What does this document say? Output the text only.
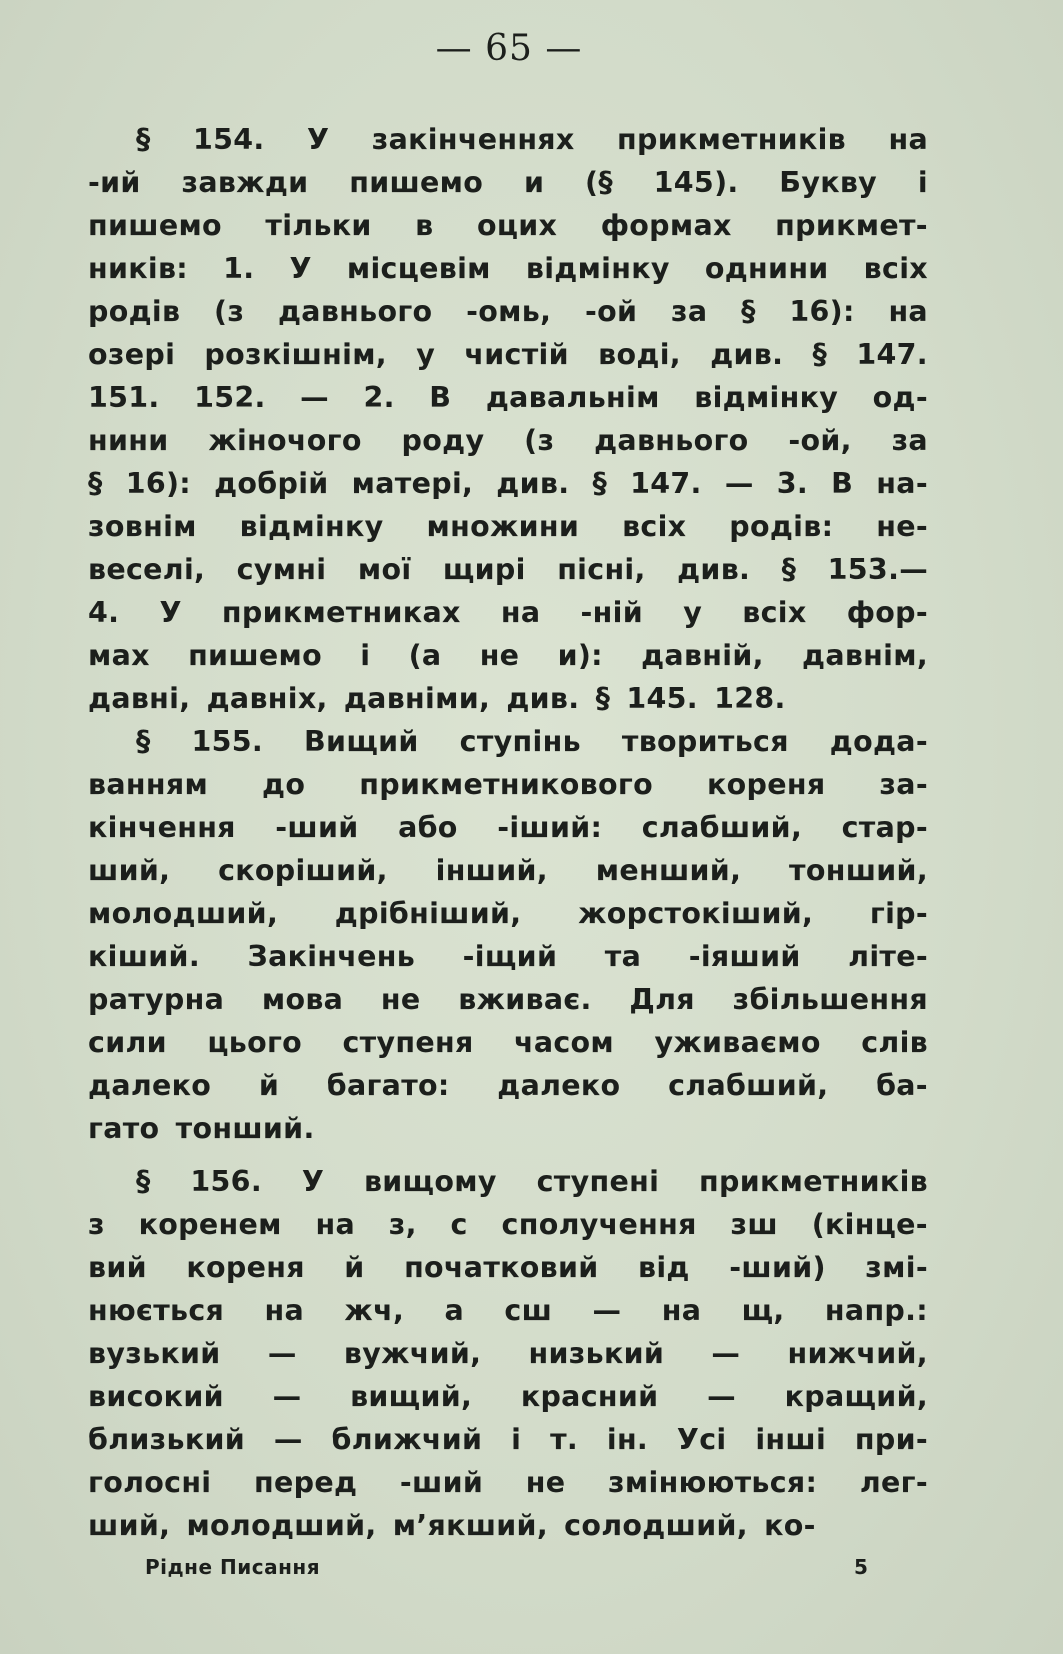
— 65 —
§ 154. У закінченнях прикметників на
-ий завжди пишемо и (§ 145). Букву і
пишемо тільки в оцих формах прикмет-
ників: 1. У місцевім відмінку однини всіх
родів (з давнього -омь, -ой за § 16): на
озері розкішнім, у чистій воді, див. § 147.
151. 152. — 2. В давальнім відмінку од-
нини жіночого роду (з давнього -ой, за
§ 16): добрій матері, див. § 147. — 3. В на-
зовнім відмінку множини всіх родів: не-
веселі, сумні мої щирі пісні, див. § 153.—
4. У прикметниках на -ній у всіх фор-
мах пишемо і (а не и): давній, давнім,
давні, давніх, давніми, див. § 145. 128.
§ 155. Вищий ступінь твориться дода-
ванням до прикметникового кореня за-
кінчення -ший або -іший: слабший, стар-
ший, скоріший, інший, менший, тонший,
молодший, дрібніший, жорстокіший, гір-
кіший. Закінчень -іщий та -іяший літе-
ратурна мова не вживає. Для збільшення
сили цього ступеня часом уживаємо слів
далеко й багато: далеко слабший, ба-
гато тонший.
§ 156. У вищому ступені прикметників
з коренем на з, с сполучення зш (кінце-
вий кореня й початковий від -ший) змі-
нюється на жч, а сш — на щ, напр.:
вузький — вужчий, низький — нижчий,
високий — вищий, красний — кращий,
близький — ближчий і т. ін. Усі інші при-
голосні перед -ший не змінюються: лег-
ший, молодший, м’якший, солодший, ко-
Рідне Писання	5
